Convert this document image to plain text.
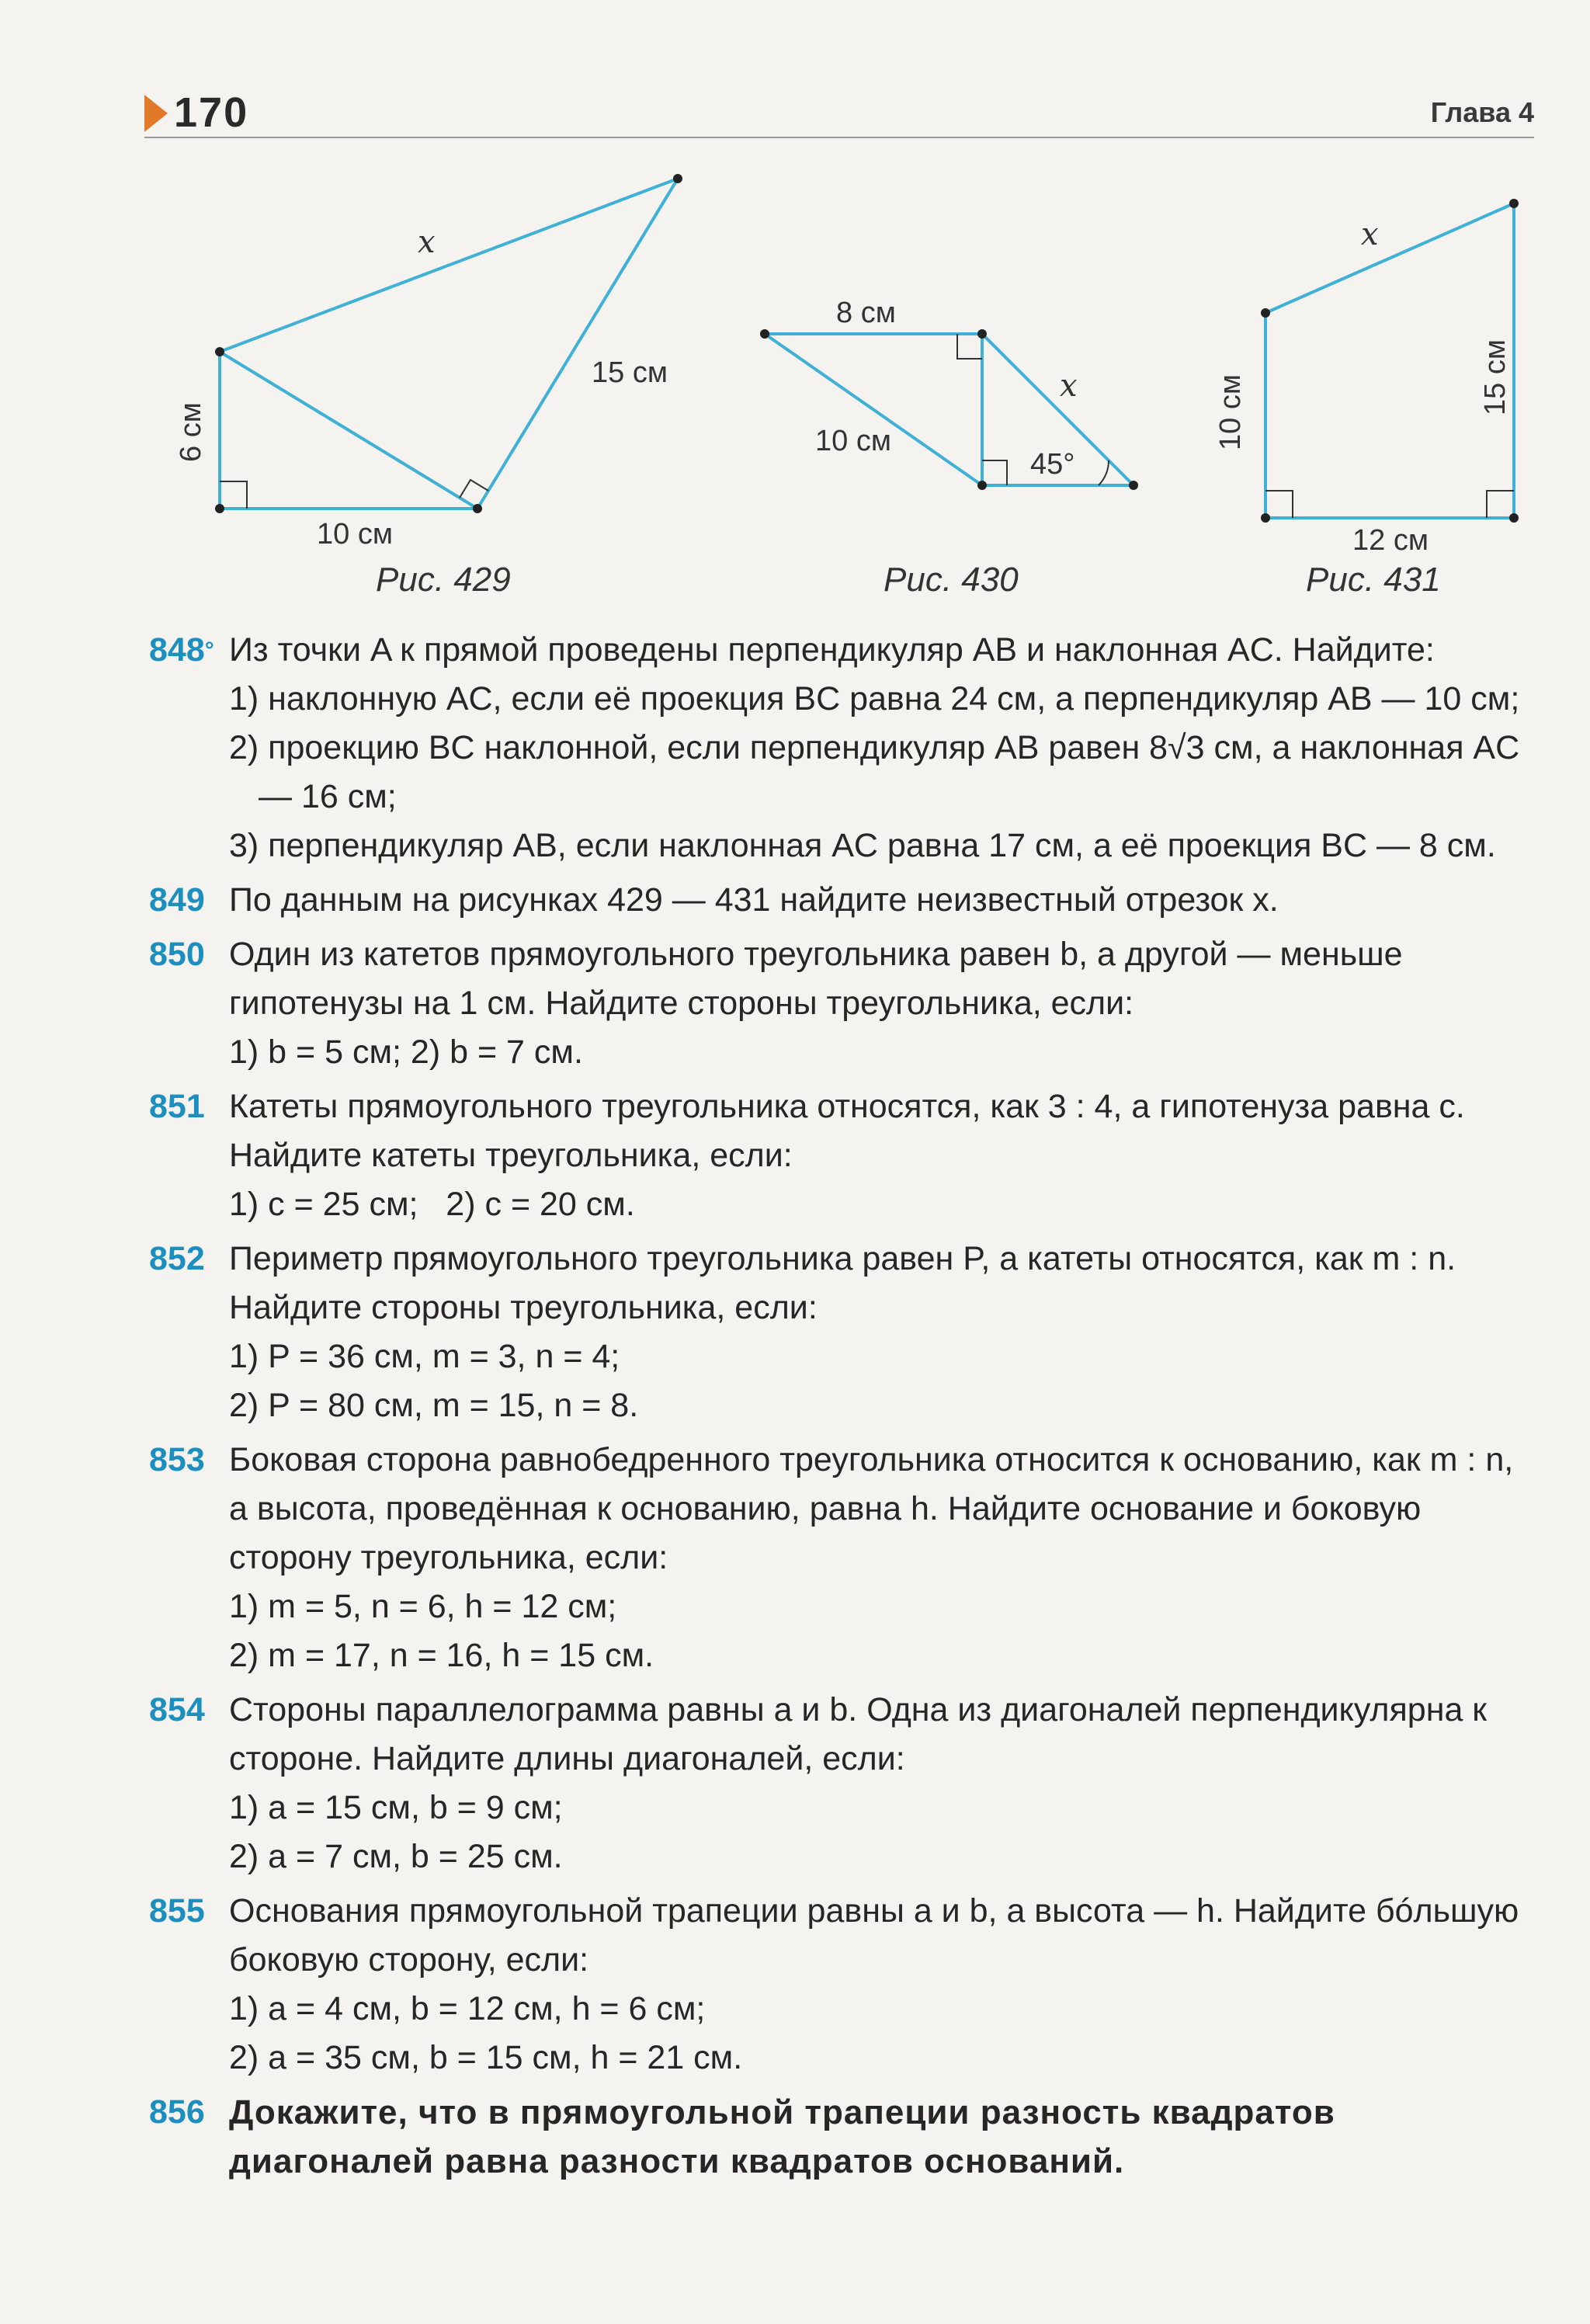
170	Глава 4
x
15 см
6 см
10 см
Рис. 429
8 см
10 см
x
45°
Рис. 430
x
10 см	15 см
12 см
Рис. 431
848° Из точки A к прямой проведены перпендикуляр AB и наклонная AC. Найдите:
1) наклонную AC, если её проекция BC равна 24 см, а перпендикуляр AB — 10 см;
2) проекцию BC наклонной, если перпендикуляр AB равен 8√3 см, а наклонная AC — 16 см;
3) перпендикуляр AB, если наклонная AC равна 17 см, а её проекция BC — 8 см.
849 По данным на рисунках 429 — 431 найдите неизвестный отрезок x.
850 Один из катетов прямоугольного треугольника равен b, а другой — меньше гипотенузы на 1 см. Найдите стороны треугольника, если:
1) b = 5 см; 2) b = 7 см.
851 Катеты прямоугольного треугольника относятся, как 3 : 4, а гипотенуза равна c. Найдите катеты треугольника, если:
1) c = 25 см;   2) c = 20 см.
852 Периметр прямоугольного треугольника равен P, а катеты относятся, как m : n. Найдите стороны треугольника, если:
1) P = 36 см, m = 3, n = 4;
2) P = 80 см, m = 15, n = 8.
853 Боковая сторона равнобедренного треугольника относится к основанию, как m : n, а высота, проведённая к основанию, равна h. Найдите основание и боковую сторону треугольника, если:
1) m = 5, n = 6, h = 12 см;
2) m = 17, n = 16, h = 15 см.
854 Стороны параллелограмма равны a и b. Одна из диагоналей перпендикулярна к стороне. Найдите длины диагоналей, если:
1) a = 15 см, b = 9 см;
2) a = 7 см, b = 25 см.
855 Основания прямоугольной трапеции равны a и b, а высота — h. Найдите бóльшую боковую сторону, если:
1) a = 4 см, b = 12 см, h = 6 см;
2) a = 35 см, b = 15 см, h = 21 см.
856 Докажите, что в прямоугольной трапеции разность квадратов диагоналей равна разности квадратов оснований.
